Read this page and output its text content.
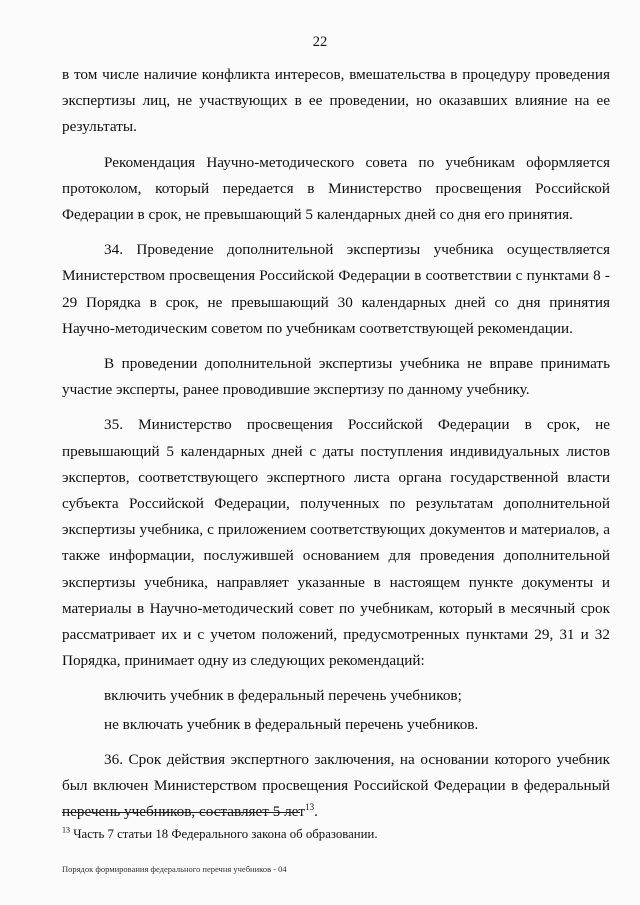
22

в том числе наличие конфликта интересов, вмешательства в процедуру проведения экспертизы лиц, не участвующих в ее проведении, но оказавших влияние на ее результаты.

Рекомендация Научно-методического совета по учебникам оформляется протоколом, который передается в Министерство просвещения Российской Федерации в срок, не превышающий 5 календарных дней со дня его принятия.

34. Проведение дополнительной экспертизы учебника осуществляется Министерством просвещения Российской Федерации в соответствии с пунктами 8 - 29 Порядка в срок, не превышающий 30 календарных дней со дня принятия Научно-методическим советом по учебникам соответствующей рекомендации.

В проведении дополнительной экспертизы учебника не вправе принимать участие эксперты, ранее проводившие экспертизу по данному учебнику.

35. Министерство просвещения Российской Федерации в срок, не превышающий 5 календарных дней с даты поступления индивидуальных листов экспертов, соответствующего экспертного листа органа государственной власти субъекта Российской Федерации, полученных по результатам дополнительной экспертизы учебника, с приложением соответствующих документов и материалов, а также информации, послужившей основанием для проведения дополнительной экспертизы учебника, направляет указанные в настоящем пункте документы и материалы в Научно-методический совет по учебникам, который в месячный срок рассматривает их и с учетом положений, предусмотренных пунктами 29, 31 и 32 Порядка, принимает одну из следующих рекомендаций:

включить учебник в федеральный перечень учебников;

не включать учебник в федеральный перечень учебников.

36. Срок действия экспертного заключения, на основании которого учебник был включен Министерством просвещения Российской Федерации в федеральный перечень учебников, составляет 5 лет$^{13}$.

$^{13}$ Часть 7 статьи 18 Федерального закона об образовании.
Порядок формирования федерального перечня учебников - 04
